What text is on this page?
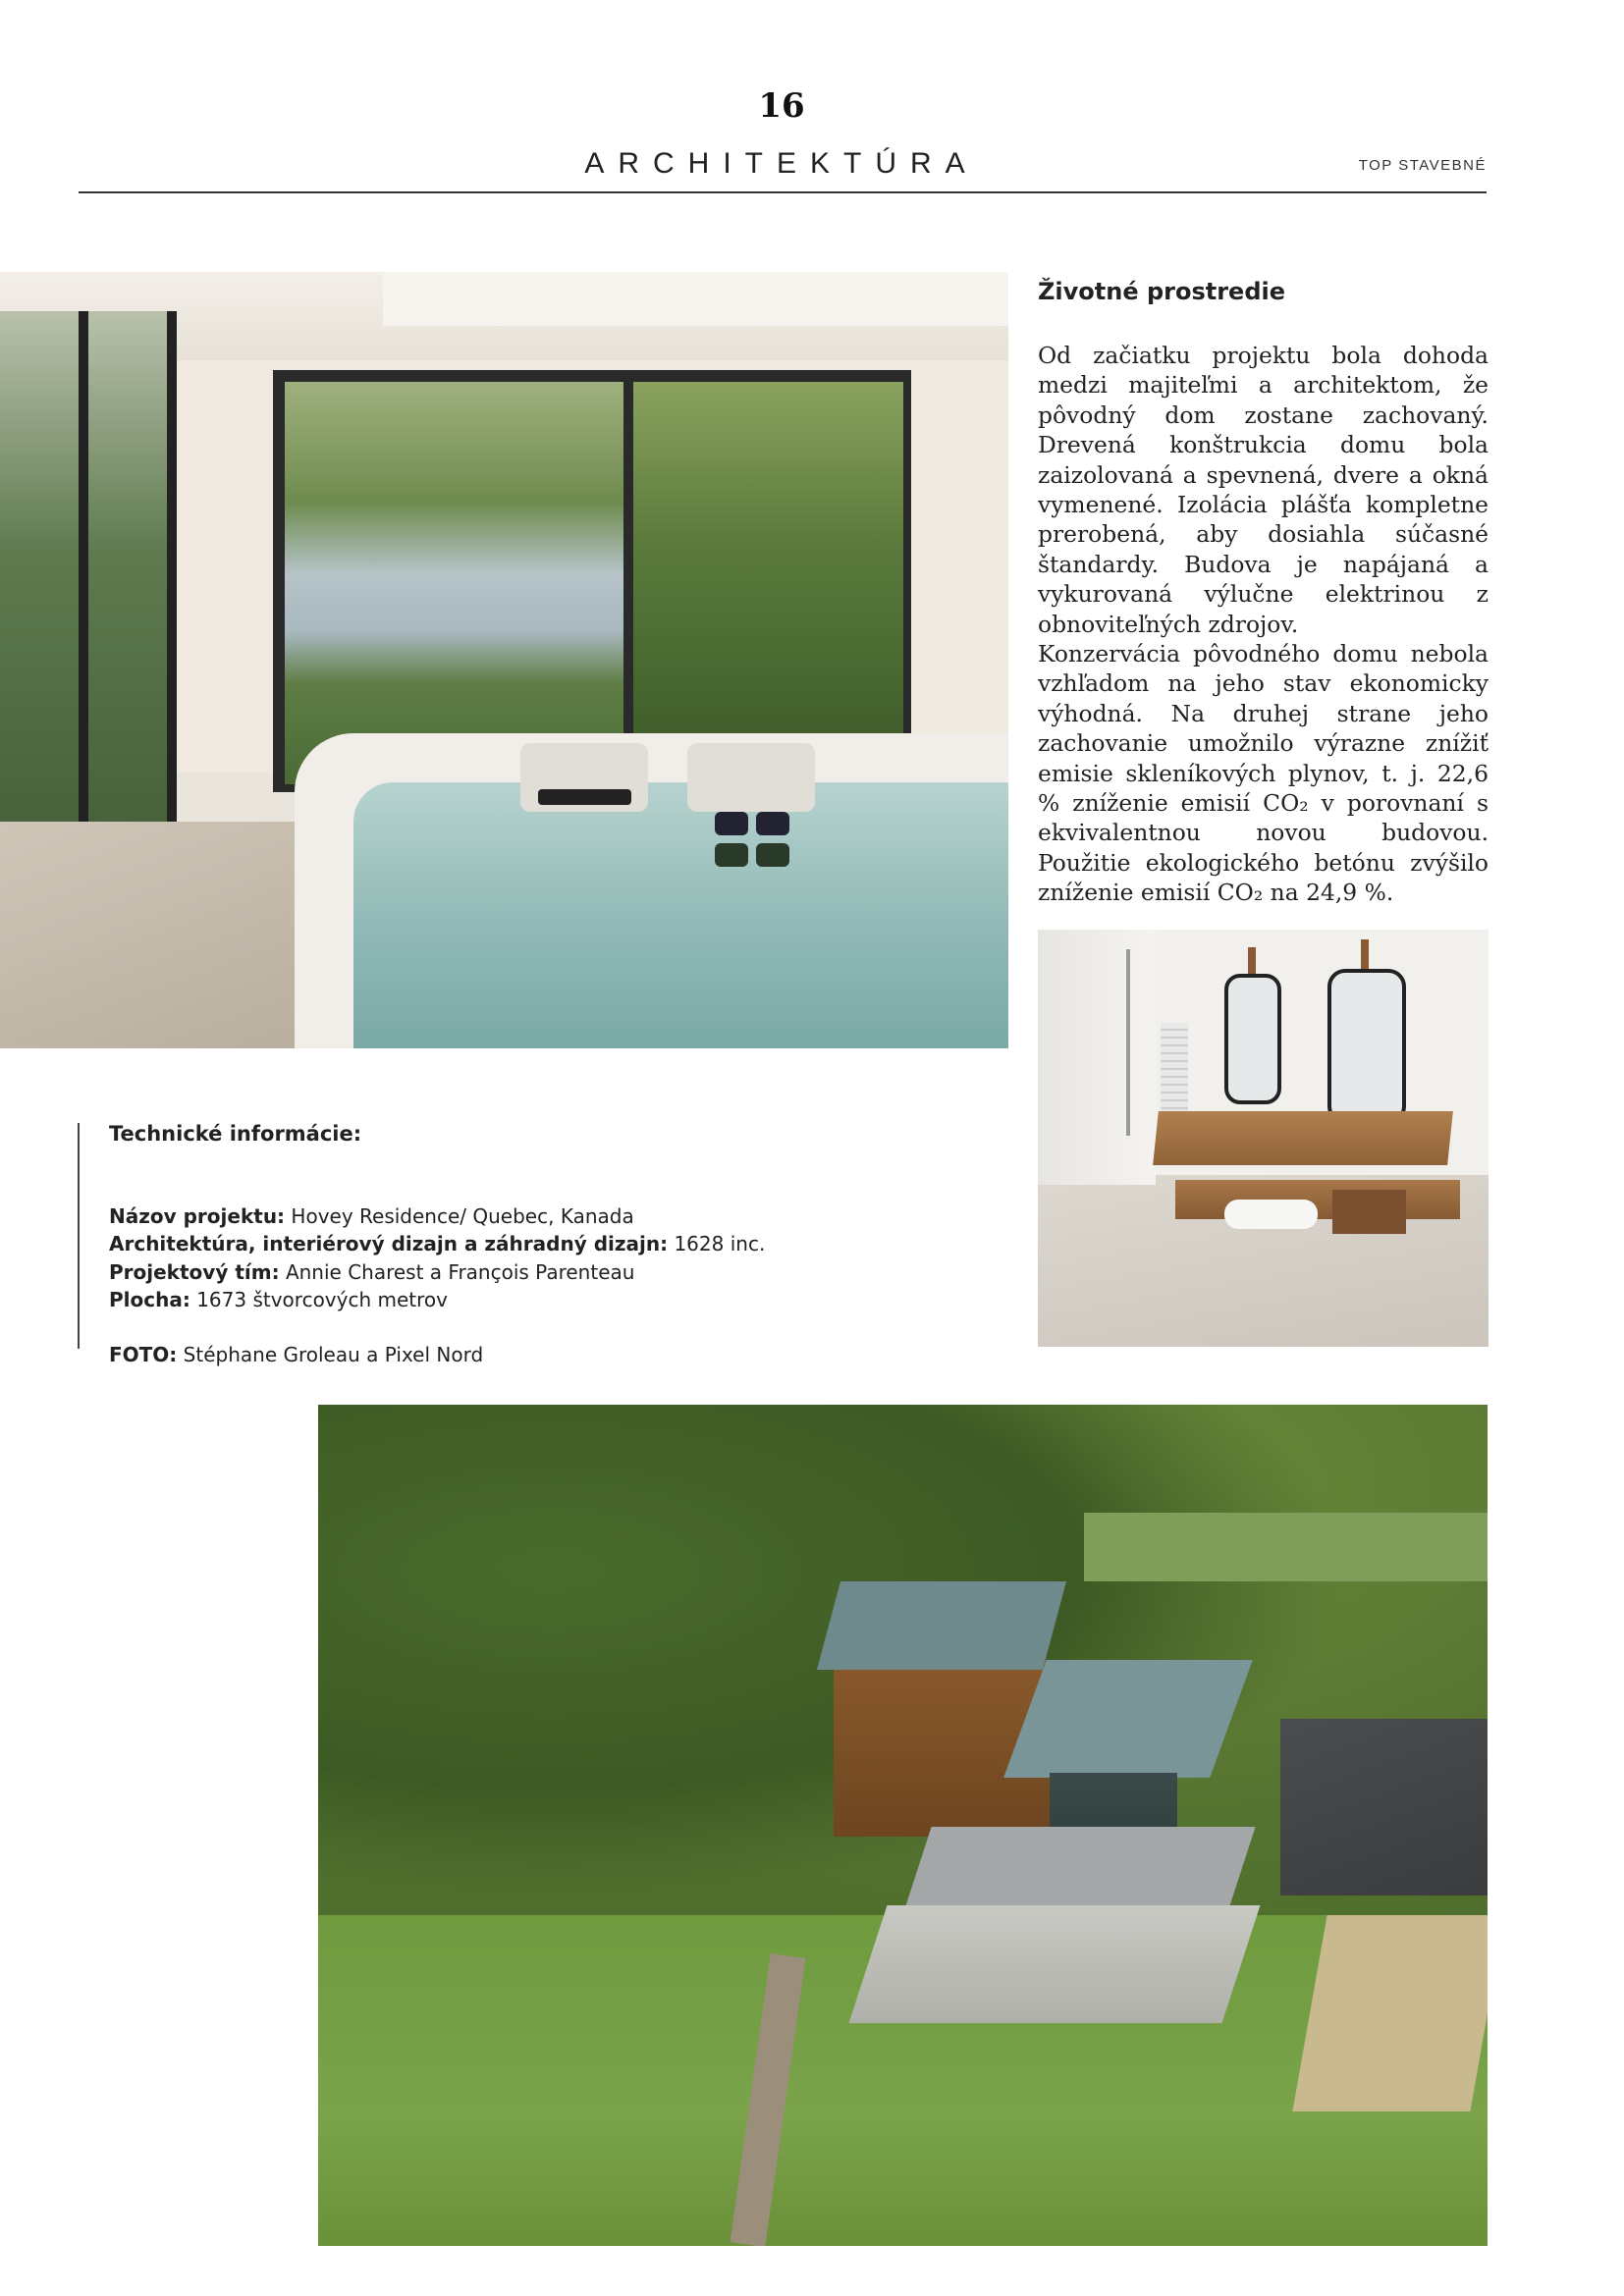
16
ARCHITEKTÚRA	TOP STAVEBNÉ
Životné prostredie

Od začiatku projektu bola dohoda medzi majiteľmi a architektom, že pôvodný dom zostane zachovaný. Drevená konštrukcia domu bola zaizolovaná a spevnená, dvere a okná vymenené. Izolácia plášťa kompletne prerobená, aby dosiahla súčasné štandardy. Budova je napájaná a vykurovaná výlučne elektrinou z obnoviteľných zdrojov.

Konzervácia pôvodného domu nebola vzhľadom na jeho stav ekonomicky výhodná. Na druhej strane jeho zachovanie umožnilo výrazne znížiť emisie skleníkových plynov, t. j. 22,6 % zníženie emisií CO₂ v porovnaní s ekvivalentnou novou budovou. Použitie ekologického betónu zvýšilo zníženie emisií CO₂ na 24,9 %.

Technické informácie:
Názov projektu: Hovey Residence/ Quebec, Kanada
Architektúra, interiérový dizajn a záhradný dizajn: 1628 inc.
Projektový tím: Annie Charest a François Parenteau
Plocha: 1673 štvorcových metrov
FOTO: Stéphane Groleau a Pixel Nord
